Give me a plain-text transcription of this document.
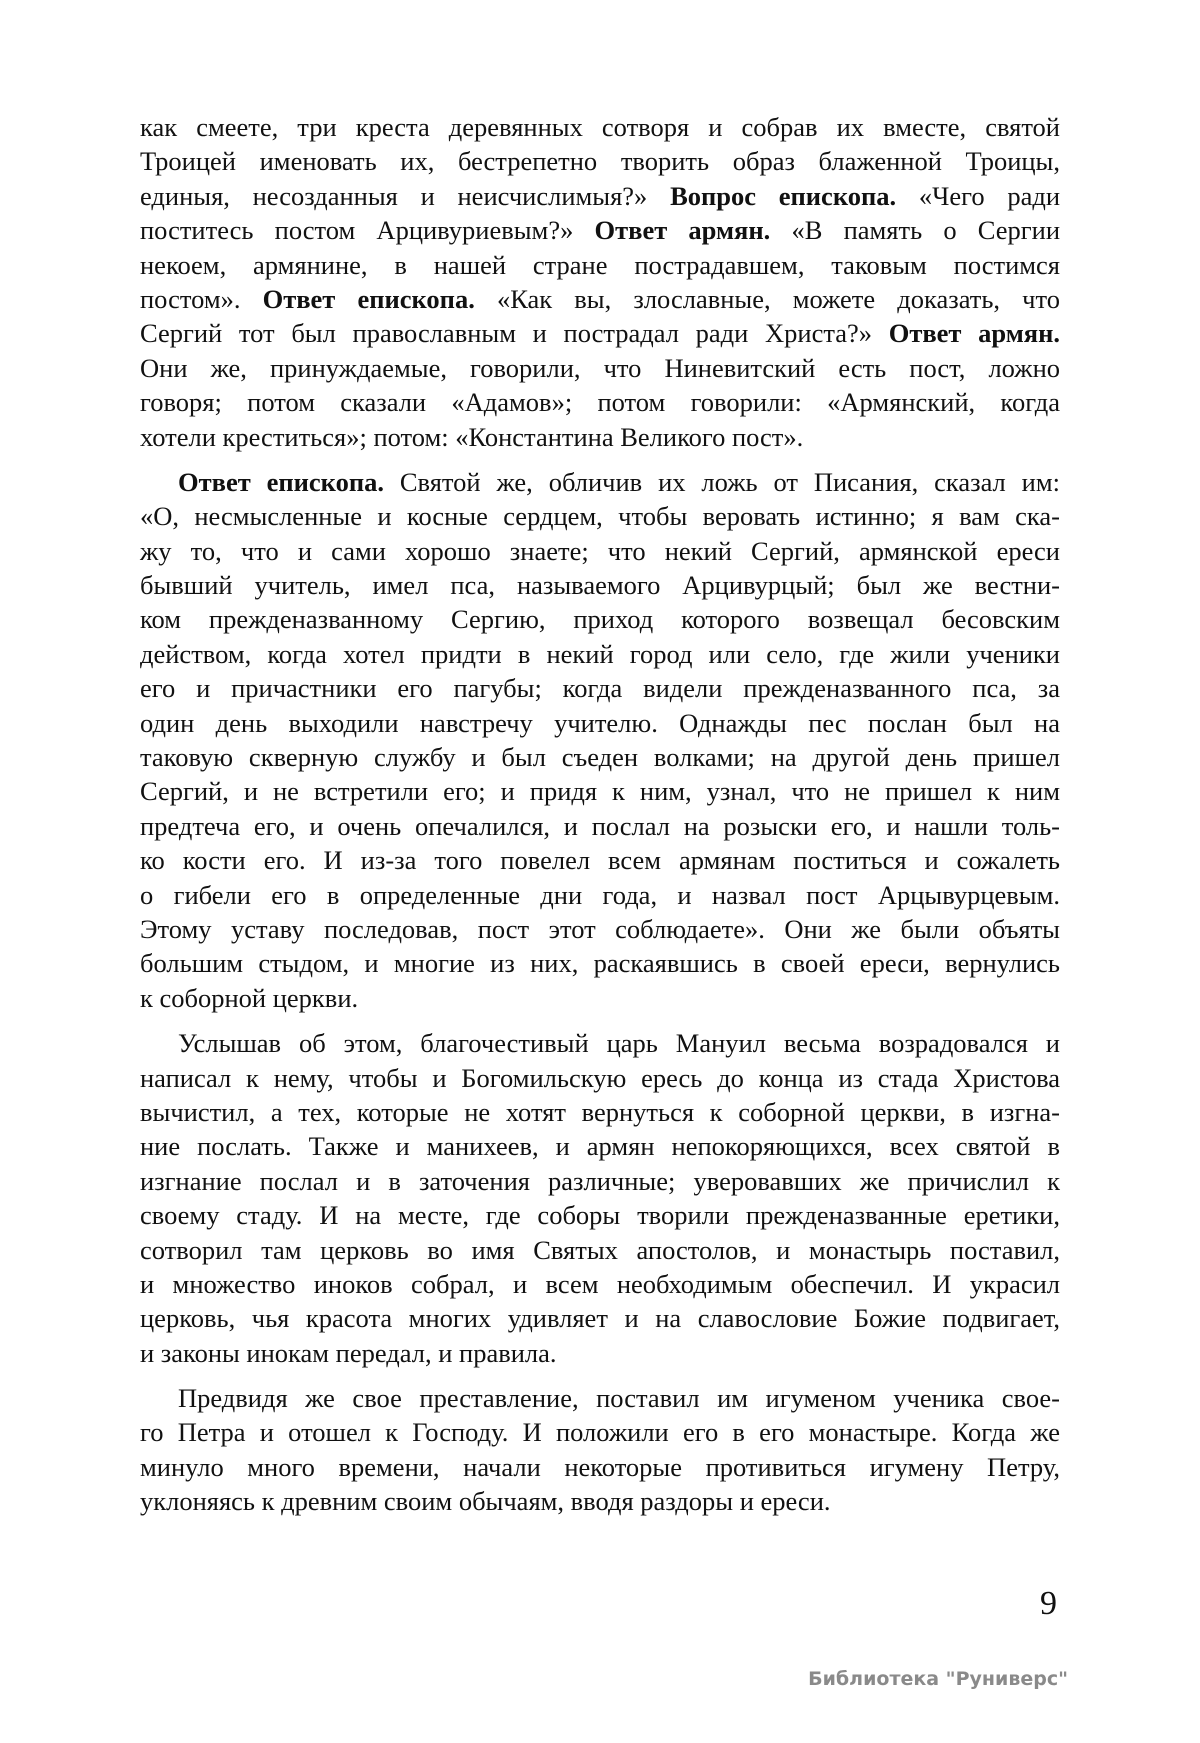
как смеете, три креста деревянных сотворя и собрав их вместе, святой
Троицей именовать их, бестрепетно творить образ блаженной Троицы,
единыя, несозданныя и неисчислимыя?» Вопрос епископа. «Чего ради
поститесь постом Арцивуриевым?» Ответ армян. «В память о Сергии
некоем, армянине, в нашей стране пострадавшем, таковым постимся
постом». Ответ епископа. «Как вы, злославные, можете доказать, что
Сергий тот был православным и пострадал ради Христа?» Ответ армян.
Они же, принуждаемые, говорили, что Ниневитский есть пост, ложно
говоря; потом сказали «Адамов»; потом говорили: «Армянский, когда
хотели креститься»; потом: «Константина Великого пост».
Ответ епископа. Святой же, обличив их ложь от Писания, сказал им:
«О, несмысленные и косные сердцем, чтобы веровать истинно; я вам ска-
жу то, что и сами хорошо знаете; что некий Сергий, армянской ереси
бывший учитель, имел пса, называемого Арцивурцый; был же вестни-
ком прежденазванному Сергию, приход которого возвещал бесовским
действом, когда хотел придти в некий город или село, где жили ученики
его и причастники его пагубы; когда видели прежденазванного пса, за
один день выходили навстречу учителю. Однажды пес послан был на
таковую скверную службу и был съеден волками; на другой день пришел
Сергий, и не встретили его; и придя к ним, узнал, что не пришел к ним
предтеча его, и очень опечалился, и послал на розыски его, и нашли толь-
ко кости его. И из-за того повелел всем армянам поститься и сожалеть
о гибели его в определенные дни года, и назвал пост Арцывурцевым.
Этому уставу последовав, пост этот соблюдаете». Они же были объяты
большим стыдом, и многие из них, раскаявшись в своей ереси, вернулись
к соборной церкви.
Услышав об этом, благочестивый царь Мануил весьма возрадовался и
написал к нему, чтобы и Богомильскую ересь до конца из стада Христова
вычистил, а тех, которые не хотят вернуться к соборной церкви, в изгна-
ние послать. Также и манихеев, и армян непокоряющихся, всех святой в
изгнание послал и в заточения различные; уверовавших же причислил к
своему стаду. И на месте, где соборы творили прежденазванные еретики,
сотворил там церковь во имя Святых апостолов, и монастырь поставил,
и множество иноков собрал, и всем необходимым обеспечил. И украсил
церковь, чья красота многих удивляет и на славословие Божие подвигает,
и законы инокам передал, и правила.
Предвидя же свое преставление, поставил им игуменом ученика свое-
го Петра и отошел к Господу. И положили его в его монастыре. Когда же
минуло много времени, начали некоторые противиться игумену Петру,
уклоняясь к древним своим обычаям, вводя раздоры и ереси.
9
Библиотека "Руниверс"
